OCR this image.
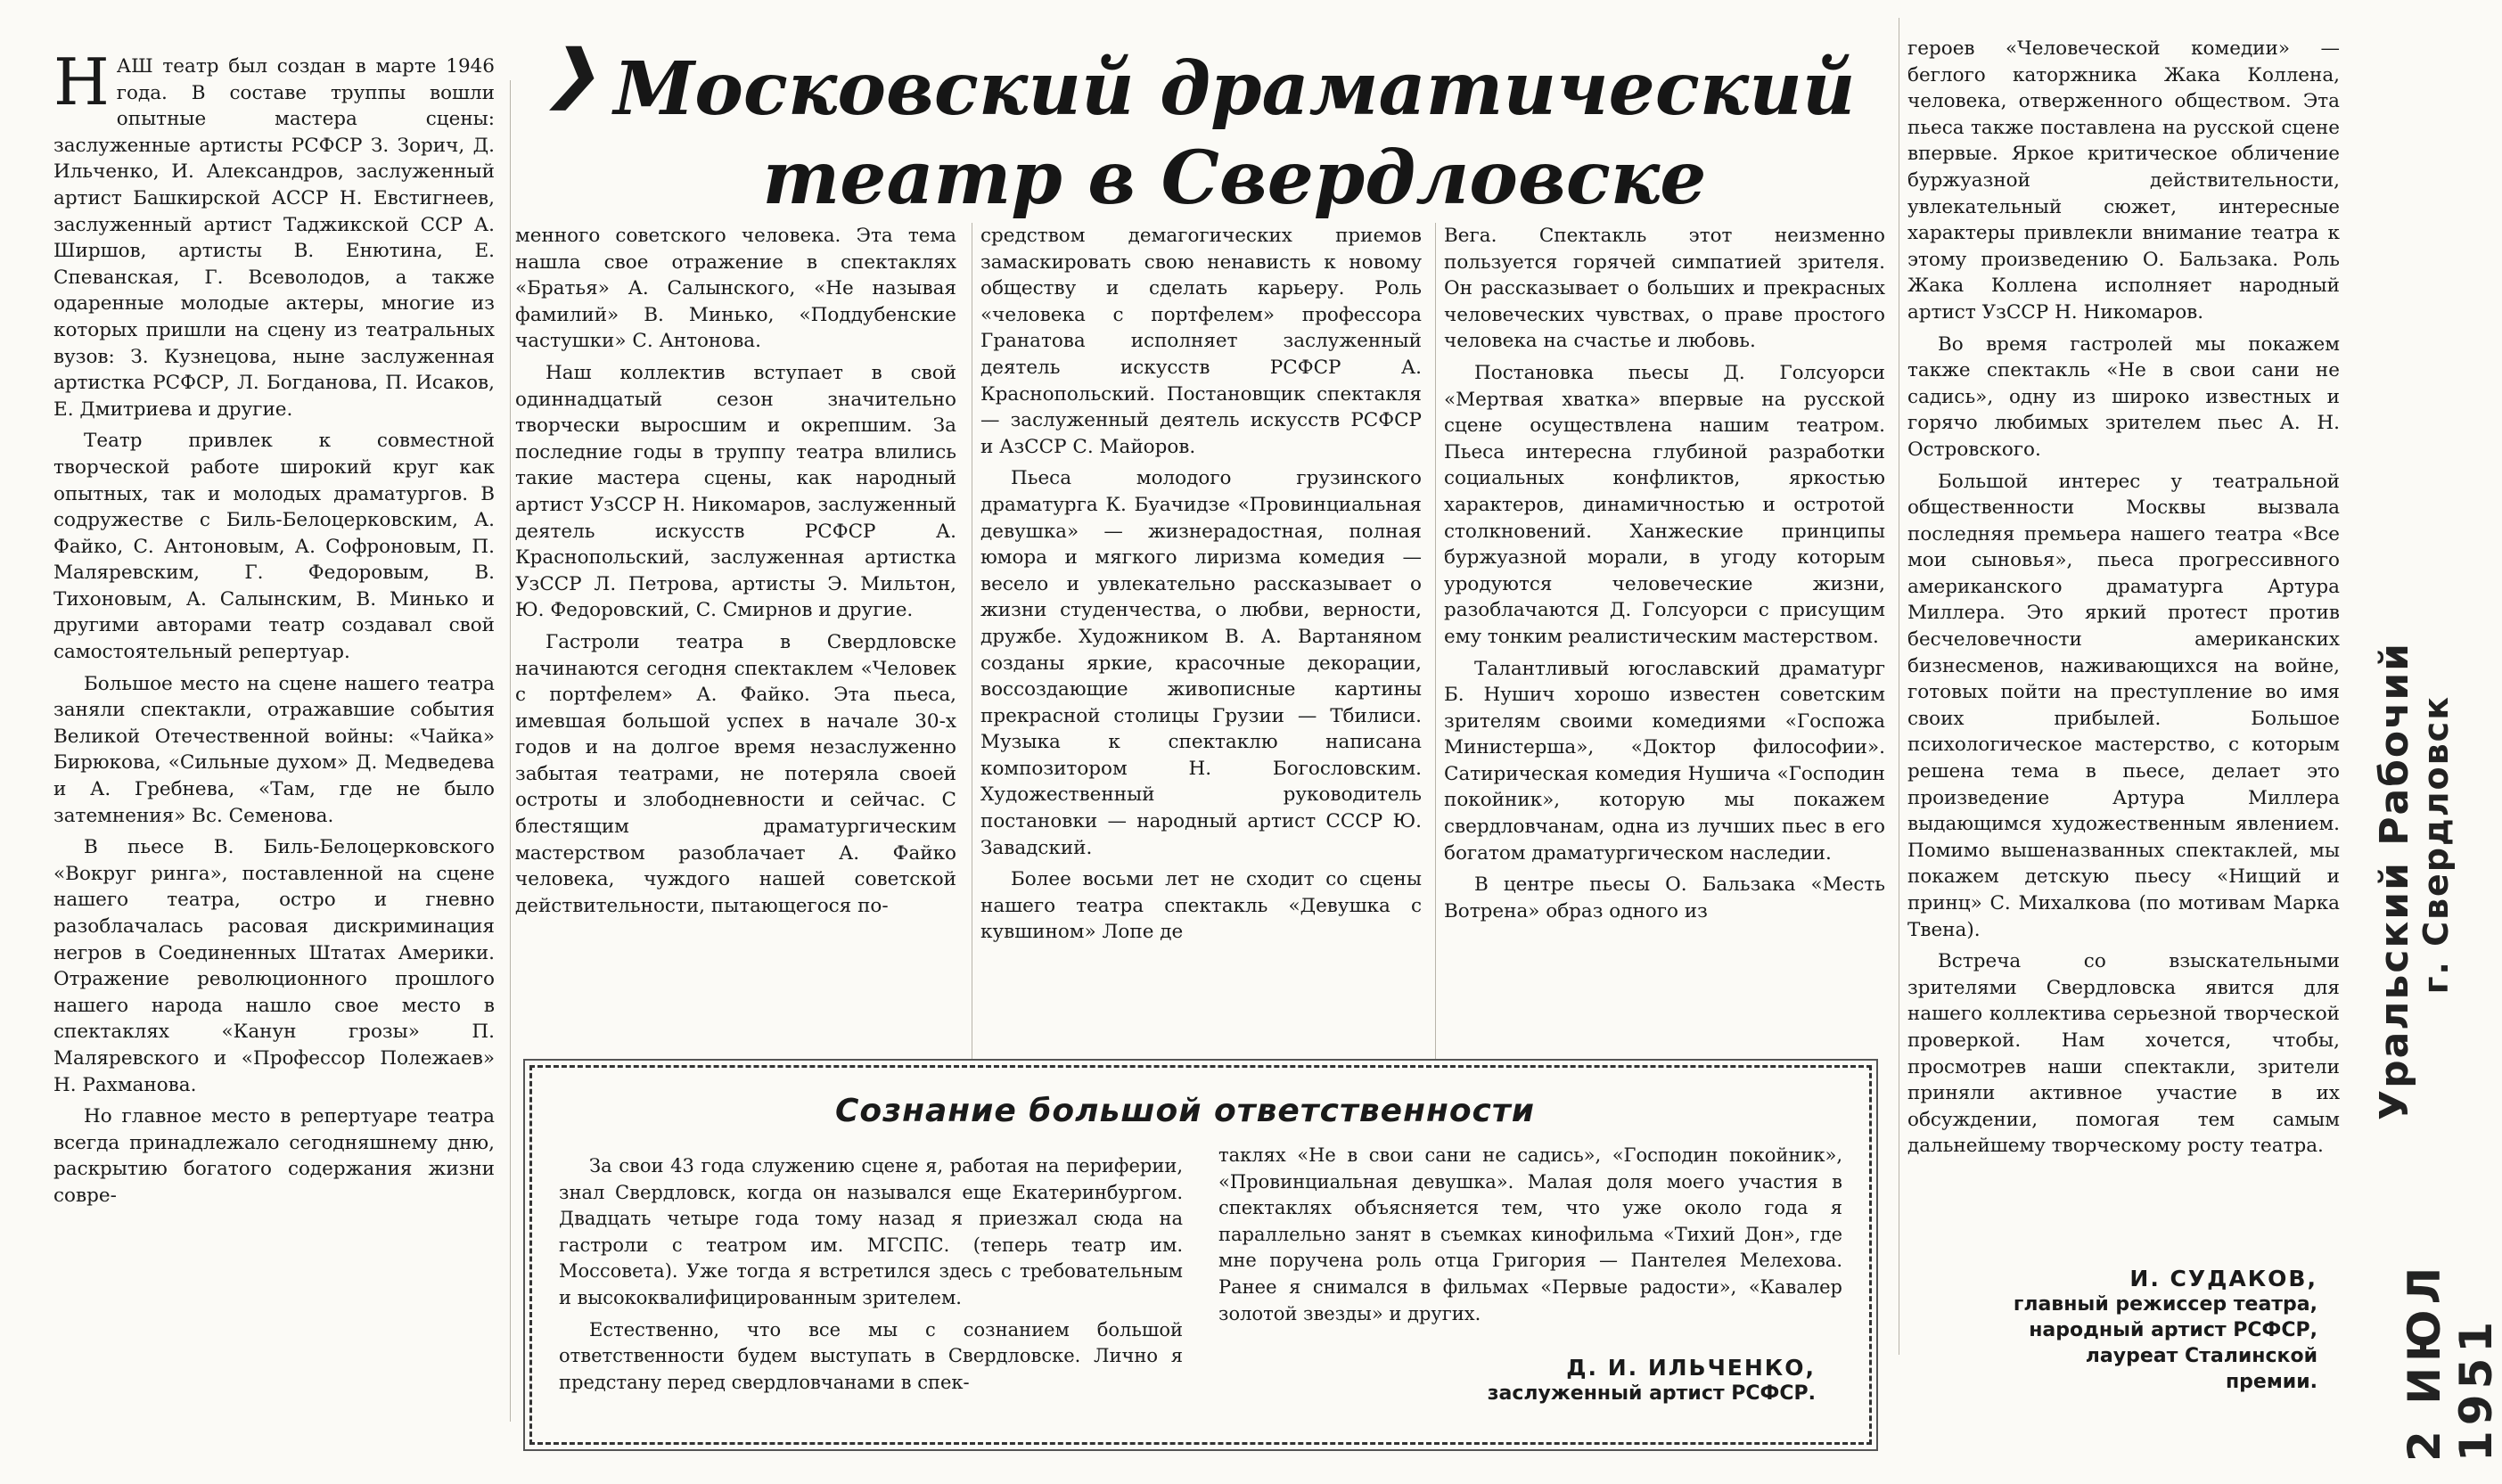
❯ Московский драматический
театр в Свердловске

НАШ театр был создан в марте 1946 года. В составе труппы вошли опытные мастера сцены: заслуженные артисты РСФСР З. Зорич, Д. Ильченко, И. Александров, заслуженный артист Башкирской АССР Н. Евстигнеев, заслуженный артист Таджикской ССР А. Ширшов, артисты В. Енютина, Е. Спеванская, Г. Всеволодов, а также одаренные молодые актеры, многие из которых пришли на сцену из театральных вузов: З. Кузнецова, ныне заслуженная артистка РСФСР, Л. Богданова, П. Исаков, Е. Дмитриева и другие.

Театр привлек к совместной творческой работе широкий круг как опытных, так и молодых драматургов. В содружестве с Биль-Белоцерковским, А. Файко, С. Антоновым, А. Софроновым, П. Маляревским, Г. Федоровым, В. Тихоновым, А. Салынским, В. Минько и другими авторами театр создавал свой самостоятельный репертуар.

Большое место на сцене нашего театра заняли спектакли, отражавшие события Великой Отечественной войны: «Чайка» Бирюкова, «Сильные духом» Д. Медведева и А. Гребнева, «Там, где не было затемнения» Вс. Семенова.

В пьесе В. Биль-Белоцерковского «Вокруг ринга», поставленной на сцене нашего театра, остро и гневно разоблачалась расовая дискриминация негров в Соединенных Штатах Америки. Отражение революционного прошлого нашего народа нашло свое место в спектаклях «Канун грозы» П. Маляревского и «Профессор Полежаев» Н. Рахманова.

Но главное место в репертуаре театра всегда принадлежало сегодняшнему дню, раскрытию богатого содержания жизни совре-

менного советского человека. Эта тема нашла свое отражение в спектаклях «Братья» А. Салынского, «Не называя фамилий» В. Минько, «Поддубенские частушки» С. Антонова.

Наш коллектив вступает в свой одиннадцатый сезон значительно творчески выросшим и окрепшим. За последние годы в труппу театра влились такие мастера сцены, как народный артист УзССР Н. Никомаров, заслуженный деятель искусств РСФСР А. Краснопольский, заслуженная артистка УзССР Л. Петрова, артисты Э. Мильтон, Ю. Федоровский, С. Смирнов и другие.

Гастроли театра в Свердловске начинаются сегодня спектаклем «Человек с портфелем» А. Файко. Эта пьеса, имевшая большой успех в начале 30-х годов и на долгое время незаслуженно забытая театрами, не потеряла своей остроты и злободневности и сейчас. С блестящим драматургическим мастерством разоблачает А. Файко человека, чуждого нашей советской действительности, пытающегося по-

средством демагогических приемов замаскировать свою ненависть к новому обществу и сделать карьеру. Роль «человека с портфелем» профессора Гранатова исполняет заслуженный деятель искусств РСФСР А. Краснопольский. Постановщик спектакля — заслуженный деятель искусств РСФСР и АзССР С. Майоров.

Пьеса молодого грузинского драматурга К. Буачидзе «Провинциальная девушка» — жизнерадостная, полная юмора и мягкого лиризма комедия — весело и увлекательно рассказывает о жизни студенчества, о любви, верности, дружбе. Художником В. А. Вартаняном созданы яркие, красочные декорации, воссоздающие живописные картины прекрасной столицы Грузии — Тбилиси. Музыка к спектаклю написана композитором Н. Богословским. Художественный руководитель постановки — народный артист СССР Ю. Завадский.

Более восьми лет не сходит со сцены нашего театра спектакль «Девушка с кувшином» Лопе де

Вега. Спектакль этот неизменно пользуется горячей симпатией зрителя. Он рассказывает о больших и прекрасных человеческих чувствах, о праве простого человека на счастье и любовь.

Постановка пьесы Д. Голсуорси «Мертвая хватка» впервые на русской сцене осуществлена нашим театром. Пьеса интересна глубиной разработки социальных конфликтов, яркостью характеров, динамичностью и остротой столкновений. Ханжеские принципы буржуазной морали, в угоду которым уродуются человеческие жизни, разоблачаются Д. Голсуорси с присущим ему тонким реалистическим мастерством.

Талантливый югославский драматург Б. Нушич хорошо известен советским зрителям своими комедиями «Госпожа Министерша», «Доктор философии». Сатирическая комедия Нушича «Господин покойник», которую мы покажем свердловчанам, одна из лучших пьес в его богатом драматургическом наследии.

В центре пьесы О. Бальзака «Месть Вотрена» образ одного из

героев «Человеческой комедии» — беглого каторжника Жака Коллена, человека, отверженного обществом. Эта пьеса также поставлена на русской сцене впервые. Яркое критическое обличение буржуазной действительности, увлекательный сюжет, интересные характеры привлекли внимание театра к этому произведению О. Бальзака. Роль Жака Коллена исполняет народный артист УзССР Н. Никомаров.

Во время гастролей мы покажем также спектакль «Не в свои сани не садись», одну из широко известных и горячо любимых зрителем пьес А. Н. Островского.

Большой интерес у театральной общественности Москвы вызвала последняя премьера нашего театра «Все мои сыновья», пьеса прогрессивного американского драматурга Артура Миллера. Это яркий протест против бесчеловечности американских бизнесменов, наживающихся на войне, готовых пойти на преступление во имя своих прибылей. Большое психологическое мастерство, с которым решена тема в пьесе, делает это произведение Артура Миллера выдающимся художественным явлением. Помимо вышеназванных спектаклей, мы покажем детскую пьесу «Нищий и принц» С. Михалкова (по мотивам Марка Твена).

Встреча со взыскательными зрителями Свердловска явится для нашего коллектива серьезной творческой проверкой. Нам хочется, чтобы, просмотрев наши спектакли, зрители приняли активное участие в их обсуждении, помогая тем самым дальнейшему творческому росту театра.

И. СУДАКОВ,
главный режиссер театра,
народный артист РСФСР,
лауреат Сталинской
премии.
Сознание большой ответственности

За свои 43 года служению сцене я, работая на периферии, знал Свердловск, когда он назывался еще Екатеринбургом. Двадцать четыре года тому назад я приезжал сюда на гастроли с театром им. МГСПС. (теперь театр им. Моссовета). Уже тогда я встретился здесь с требовательным и высококвалифицированным зрителем.

Естественно, что все мы с сознанием большой ответственности будем выступать в Свердловске. Лично я предстану перед свердловчанами в спек-

таклях «Не в свои сани не садись», «Господин покойник», «Провинциальная девушка». Малая доля моего участия в спектаклях объясняется тем, что уже около года я параллельно занят в съемках кинофильма «Тихий Дон», где мне поручена роль отца Григория — Пантелея Мелехова. Ранее я снимался в фильмах «Первые радости», «Кавалер золотой звезды» и других.

Д. И. ИЛЬЧЕНКО,
заслуженный артист РСФСР.
Уральский Рабочий г. Свердловск
2 ИЮЛ 1951
